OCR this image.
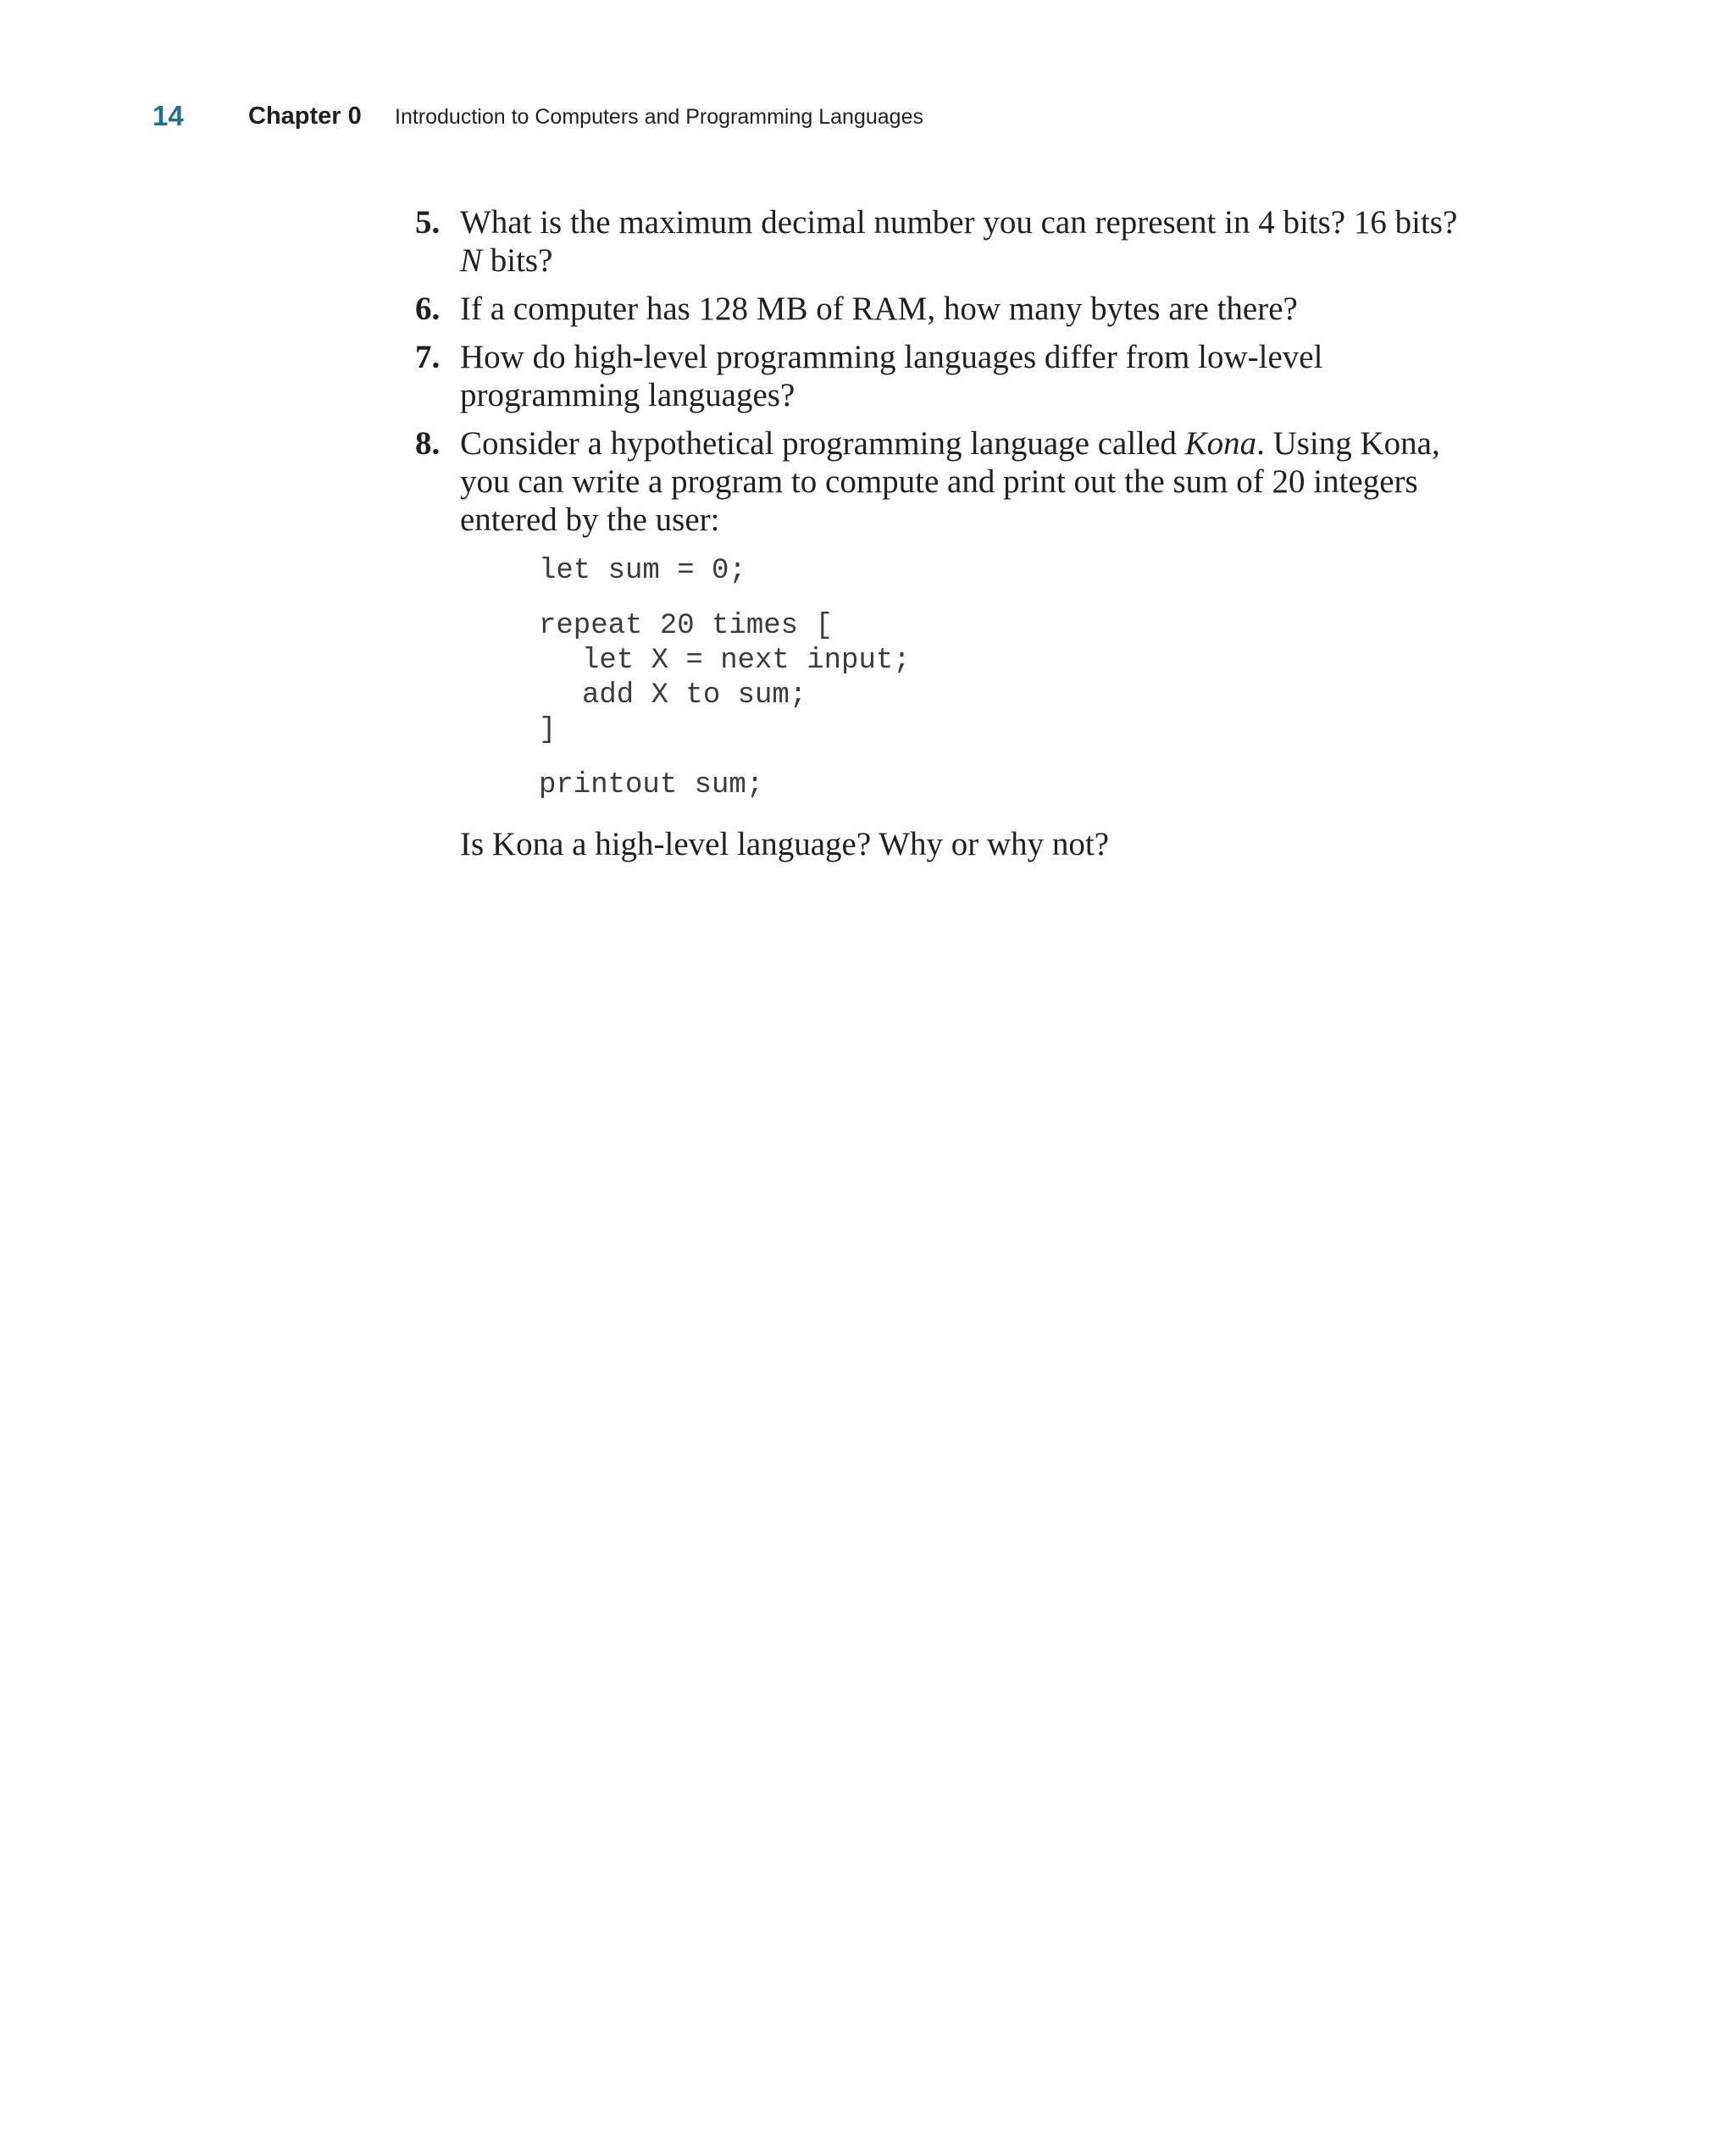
14	Chapter 0 Introduction to Computers and Programming Languages
5. What is the maximum decimal number you can represent in 4 bits? 16 bits?
N bits?
6. If a computer has 128 MB of RAM, how many bytes are there?
7. How do high-level programming languages differ from low-level programming languages?
8. Consider a hypothetical programming language called Kona. Using Kona, you can write a program to compute and print out the sum of 20 integers entered by the user:
let sum = 0;
repeat 20 times [
let X = next input;
add X to sum;
]
printout sum;
Is Kona a high-level language? Why or why not?
